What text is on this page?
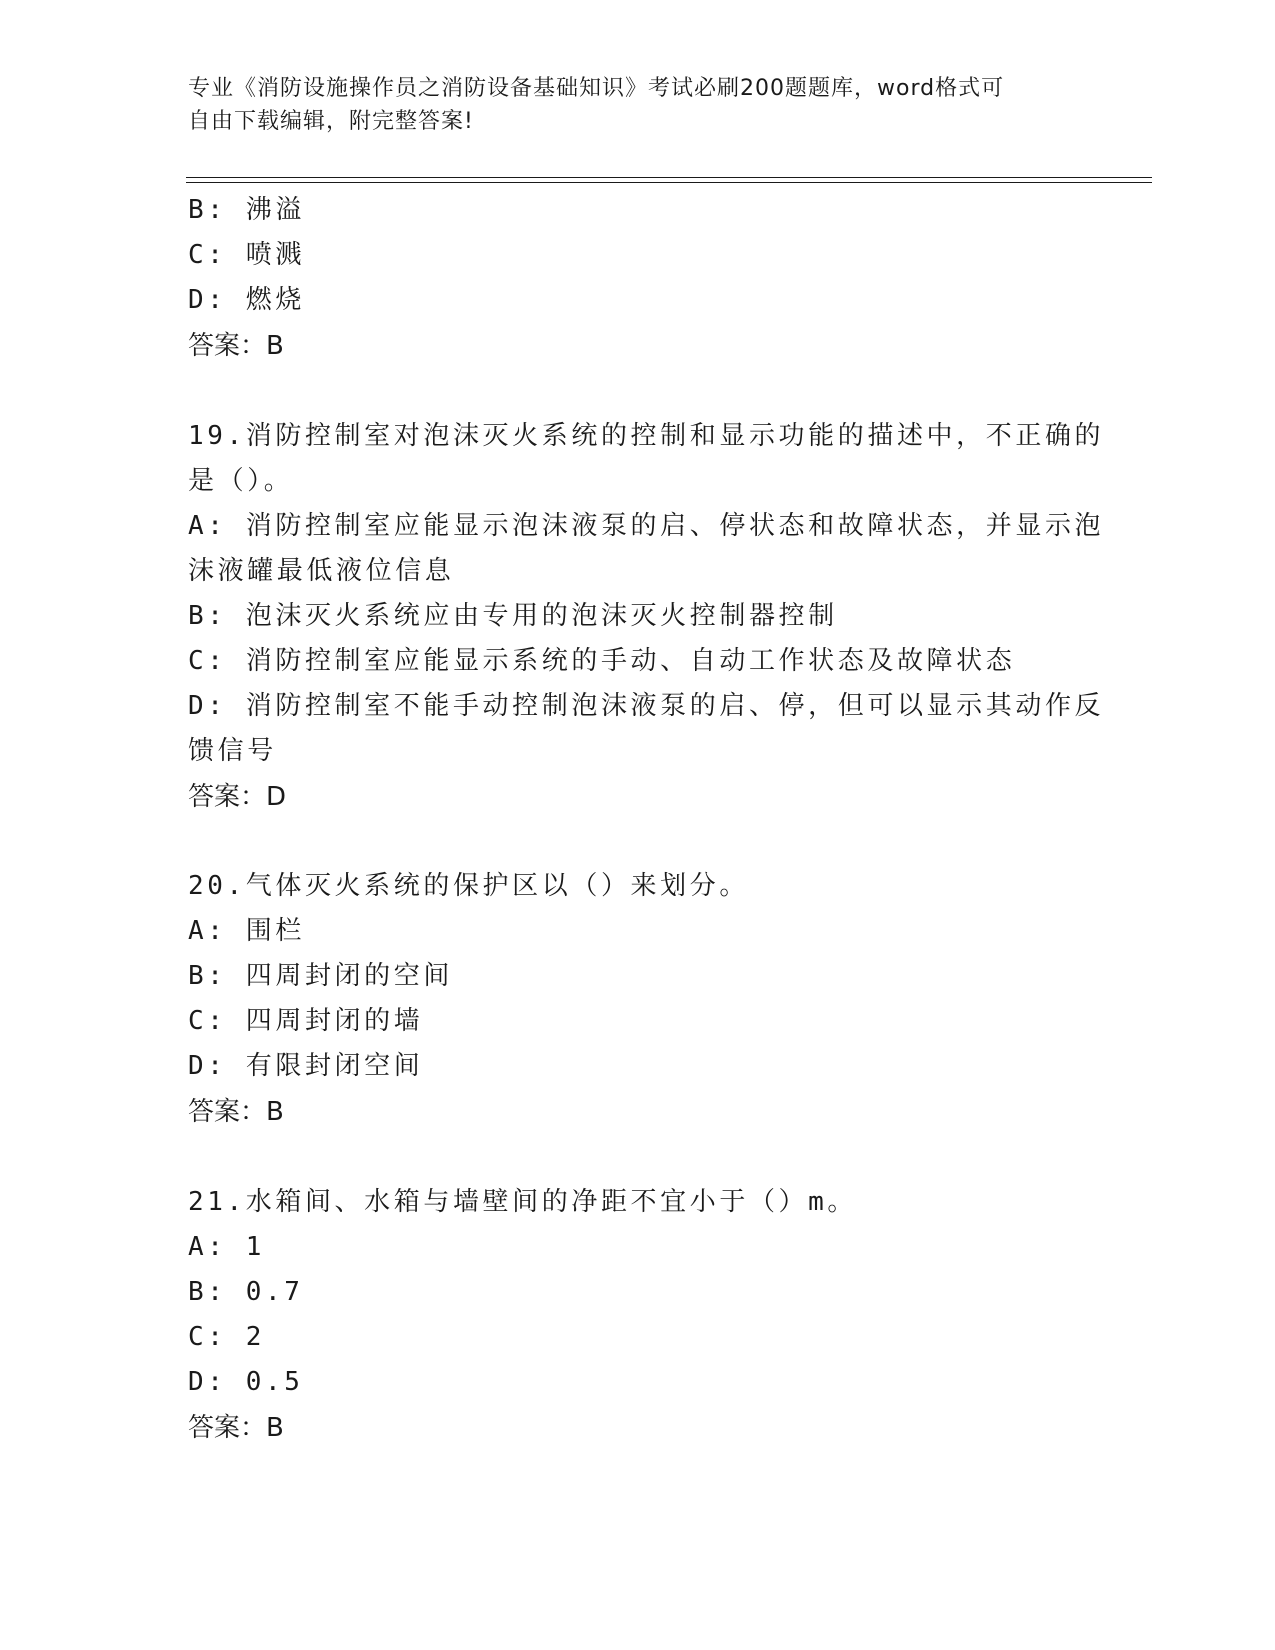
专业《消防设施操作员之消防设备基础知识》考试必刷200题题库，word格式可
自由下载编辑，附完整答案!
B: 沸溢
C: 喷溅
D: 燃烧
答案：B
19.消防控制室对泡沫灭火系统的控制和显示功能的描述中，不正确的
是（）。
A: 消防控制室应能显示泡沫液泵的启、停状态和故障状态，并显示泡
沫液罐最低液位信息
B: 泡沫灭火系统应由专用的泡沫灭火控制器控制
C: 消防控制室应能显示系统的手动、自动工作状态及故障状态
D: 消防控制室不能手动控制泡沫液泵的启、停，但可以显示其动作反
馈信号
答案：D
20.气体灭火系统的保护区以（）来划分。
A: 围栏
B: 四周封闭的空间
C: 四周封闭的墙
D: 有限封闭空间
答案：B
21.水箱间、水箱与墙壁间的净距不宜小于（）m。
A: 1
B: 0.7
C: 2
D: 0.5
答案：B
